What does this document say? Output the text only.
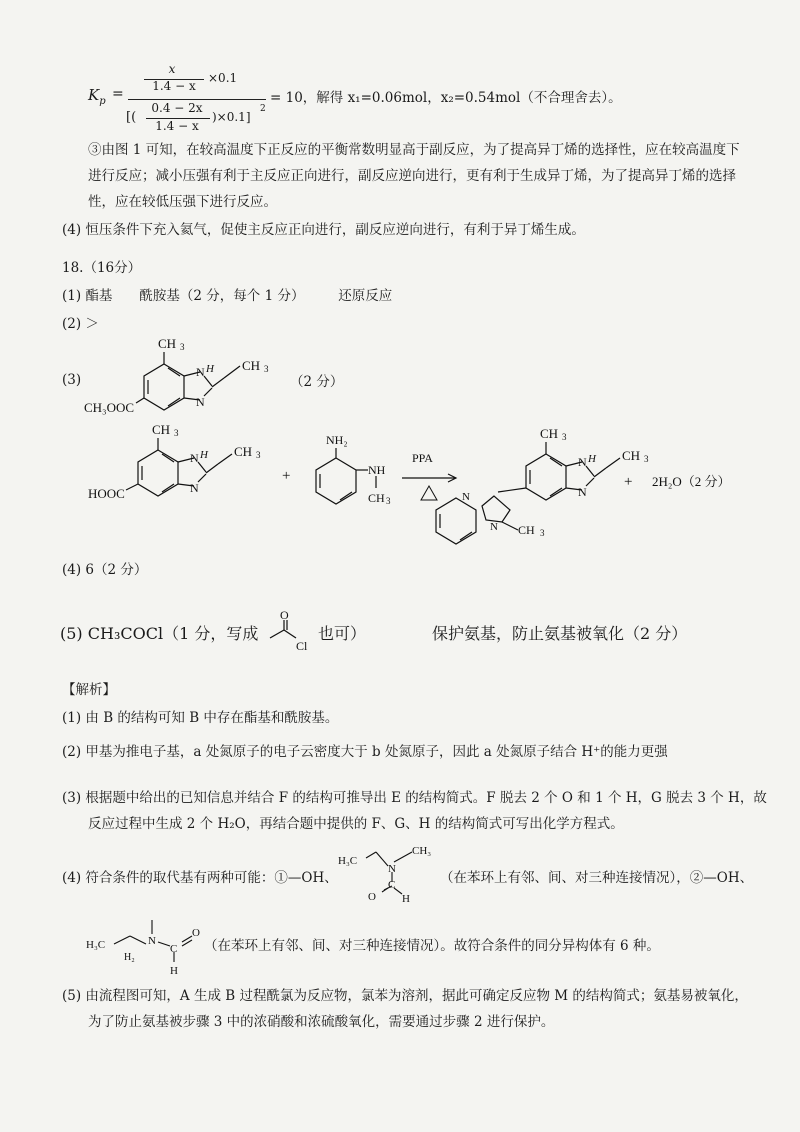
$K_p$ =
x
1.4 − x
×0.1
[(
0.4 − 2x
1.4 − x
)×0.1]
2
= 10，解得 x₁=0.06mol，x₂=0.54mol（不合理舍去）。
③由图 1 可知，在较高温度下正反应的平衡常数明显高于副反应，为了提高异丁烯的选择性，应在较高温度下
进行反应；减小压强有利于主反应正向进行，副反应逆向进行，更有利于生成异丁烯，为了提高异丁烯的选择
性，应在较低压强下进行反应。
(4) 恒压条件下充入氦气，促使主反应正向进行，副反应逆向进行，有利于异丁烯生成。
18.（16分）
(1) 酯基　　酰胺基（2 分，每个 1 分）　　　还原反应
(2) ＞
(3)
CH 3
N H
N
CH 3
CH₃OOC
（2 分）
CH 3
N H
N
CH 3
HOOC
+
NH₂
NH
CH 3
PPA
CH 3
N H
N
CH 3
N
N CH 3
+ 2H₂O（2 分）
(4) 6（2 分）
(5) CH₃COCl（1 分，写成
O
Cl
也可）	保护氨基，防止氨基被氧化（2 分）
【解析】
(1) 由 B 的结构可知 B 中存在酯基和酰胺基。
(2) 甲基为推电子基，a 处氮原子的电子云密度大于 b 处氮原子，因此 a 处氮原子结合 H⁺的能力更强
(3) 根据题中给出的已知信息并结合 F 的结构可推导出 E 的结构简式。F 脱去 2 个 O 和 1 个 H，G 脱去 3 个 H，故
反应过程中生成 2 个 H₂O，再结合题中提供的 F、G、H 的结构简式可写出化学方程式。
(4) 符合条件的取代基有两种可能：①—OH、
H₃C
N
CH₃
C
O H
（在苯环上有邻、间、对三种连接情况），②—OH、
H₃C
H₂
N
C
O
H
（在苯环上有邻、间、对三种连接情况）。故符合条件的同分异构体有 6 种。
(5) 由流程图可知，A 生成 B 过程酰氯为反应物，氯苯为溶剂，据此可确定反应物 M 的结构简式；氨基易被氧化，
为了防止氨基被步骤 3 中的浓硝酸和浓硫酸氧化，需要通过步骤 2 进行保护。
